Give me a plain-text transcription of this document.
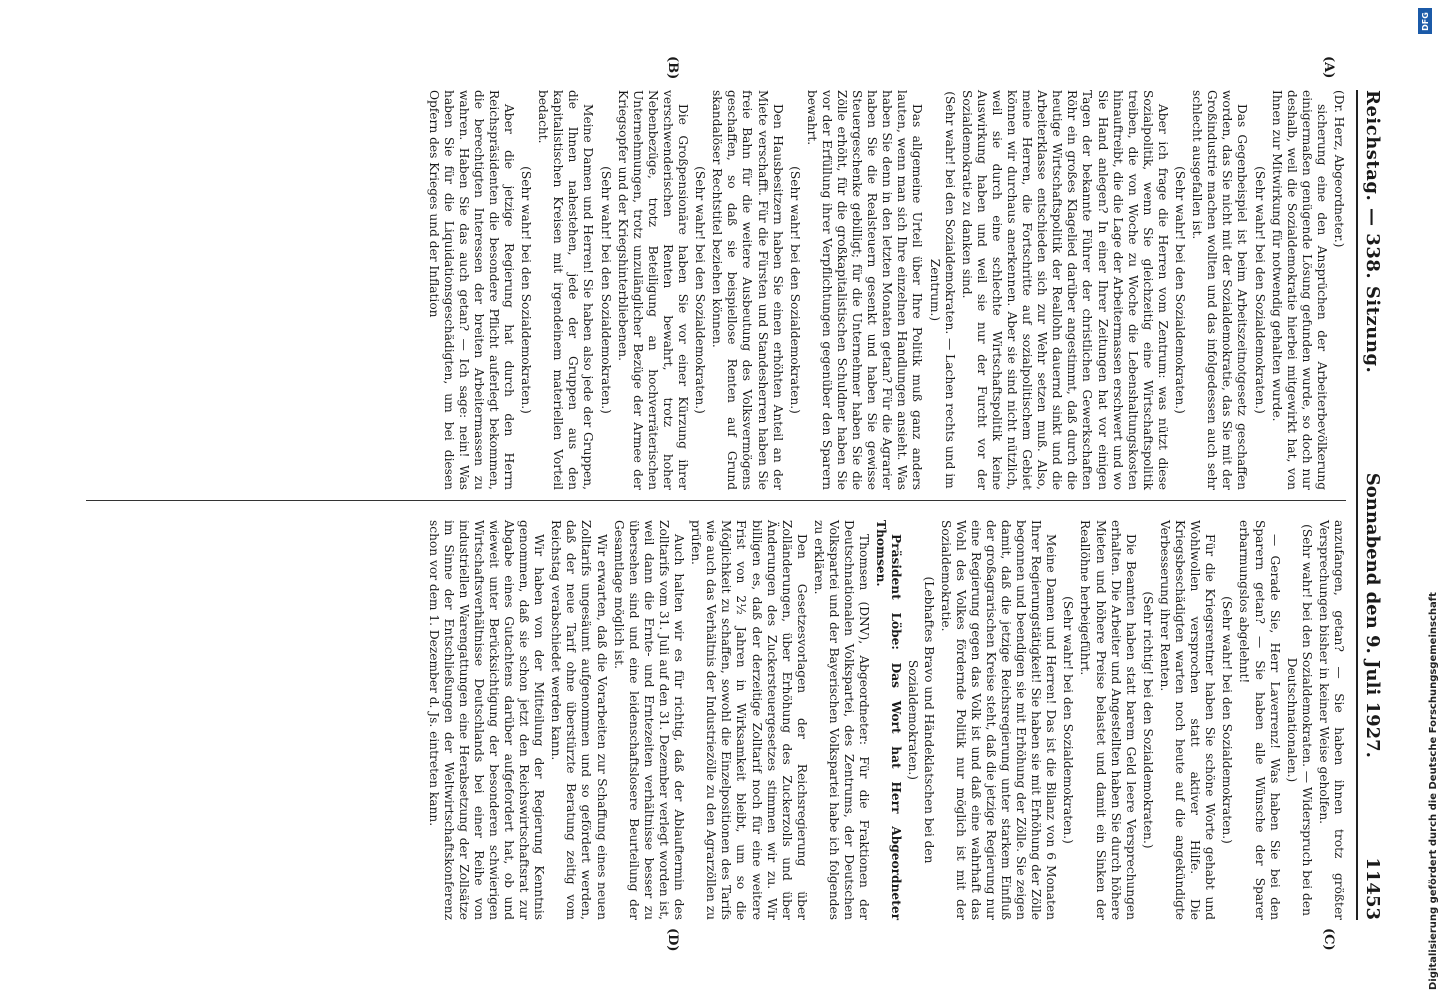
Reichstag. — 338. Sitzung.
Sonnabend den 9. Juli 1927.
11453
(A)
(B)
(C)
(D)

(Dr. Herz, Abgeordneter.)

sicherung eine den Ansprüchen der Arbeiterbevölkerung einigermaßen genügende Lösung gefunden wurde, so doch nur deshalb, weil die Sozialdemokratie hierbei mitgewirkt hat, von Ihnen zur Mitwirkung für notwendig gehalten wurde.

(Sehr wahr! bei den Sozialdemokraten.)

Das Gegenbeispiel ist beim Arbeitszeitnotgesetz geschaffen worden, das Sie nicht mit der Sozialdemokratie, das Sie mit der Großindustrie machen wollten und das infolgedessen auch sehr schlecht ausgefallen ist.

(Sehr wahr! bei den Sozialdemokraten.)

Aber ich frage die Herren vom Zentrum: was nützt diese Sozialpolitik, wenn Sie gleichzeitig eine Wirtschaftspolitik treiben, die von Woche zu Woche die Lebenshaltungskosten hinauftreibt, die die Lage der Arbeitermassen erschwert und wo Sie Hand anlegen? In einer Ihrer Zeitungen hat vor einigen Tagen der bekannte Führer der christlichen Gewerkschaften Röhr ein großes Klagelied darüber angestimmt, daß durch die heutige Wirtschaftspolitik der Reallohn dauernd sinkt und die Arbeiterklasse entschieden sich zur Wehr setzen muß. Also, meine Herren, die Fortschritte auf sozialpolitischem Gebiet können wir durchaus anerkennen. Aber sie sind nicht nützlich, weil sie durch eine schlechte Wirtschaftspolitik keine Auswirkung haben und weil sie nur der Furcht vor der Sozialdemokratie zu danken sind.

(Sehr wahr! bei den Sozialdemokraten. — Lachen rechts und im Zentrum.)

Das allgemeine Urteil über Ihre Politik muß ganz anders lauten, wenn man sich Ihre einzelnen Handlungen ansieht. Was haben Sie denn in den letzten Monaten getan? Für die Agrarier haben Sie die Realsteuern gesenkt und haben Sie gewisse Steuergeschenke gebilligt; für die Unternehmer haben Sie die Zölle erhöht, für die großkapitalistischen Schuldner haben Sie vor der Erfüllung ihrer Verpflichtungen gegenüber den Sparern bewahrt.

(Sehr wahr! bei den Sozialdemokraten.)

Den Hausbesitzern haben Sie einen erhöhten Anteil an der Miete verschafft. Für die Fürsten und Standesherren haben Sie freie Bahn für die weitere Ausbeutung des Volksvermögens geschaffen, so daß sie beispiellose Renten auf Grund skandalöser Rechtstitel beziehen können.

(Sehr wahr! bei den Sozialdemokraten.)

Die Großpensionäre haben Sie vor einer Kürzung ihrer verschwenderischen Renten bewahrt, trotz hoher Nebenbezüge, trotz Beteiligung an hochverräterischen Unternehmungen, trotz unzulänglicher Bezüge der Armee der Kriegsopfer und der Kriegshinterbliebenen.

(Sehr wahr! bei den Sozialdemokraten.)

Meine Damen und Herren! Sie haben also jede der Gruppen, die Ihnen nahestehen, jede der Gruppen aus den kapitalistischen Kreisen mit irgendeinem materiellen Vorteil bedacht.

(Sehr wahr! bei den Sozialdemokraten.)

Aber die jetzige Regierung hat durch den Herrn Reichspräsidenten die besondere Pflicht auferlegt bekommen, die berechtigten Interessen der breiten Arbeitermassen zu wahren. Haben Sie das auch getan? — Ich sage: nein! Was haben Sie für die Liquidationsgeschädigten, um bei diesen Opfern des Krieges und der Inflation

anzufangen, getan? — Sie haben ihnen trotz größter Versprechungen bisher in keiner Weise geholfen.

(Sehr wahr! bei den Sozialdemokraten. — Widerspruch bei den Deutschnationalen.)

— Gerade Sie, Herr Laverrenz! Was haben Sie bei den Sparern getan? — Sie haben alle Wünsche der Sparer erbarmungslos abgelehnt!

(Sehr wahr! bei den Sozialdemokraten.)

Für die Kriegsrentner haben Sie schöne Worte gehabt und Wohlwollen versprochen statt aktiver Hilfe. Die Kriegsbeschädigten warten noch heute auf die angekündigte Verbesserung ihrer Renten.

(Sehr richtig! bei den Sozialdemokraten.)

Die Beamten haben statt barem Geld leere Versprechungen erhalten. Die Arbeiter und Angestellten haben Sie durch höhere Mieten und höhere Preise belastet und damit ein Sinken der Reallöhne herbeigeführt.

(Sehr wahr! bei den Sozialdemokraten.)

Meine Damen und Herren! Das ist die Bilanz von 6 Monaten Ihrer Regierungstätigkeit! Sie haben sie mit Erhöhung der Zölle begonnen und beendigen sie mit Erhöhung der Zölle. Sie zeigen damit, daß die jetzige Reichsregierung unter starkem Einfluß der großagrarischen Kreise steht, daß die jetzige Regierung nur eine Regierung gegen das Volk ist und daß eine wahrhaft das Wohl des Volkes fördernde Politik nur möglich ist mit der Sozialdemokratie.

(Lebhaftes Bravo und Händeklatschen bei den Sozialdemokraten.)

Präsident Löbe: Das Wort hat Herr Abgeordneter Thomsen.

Thomsen (DNV), Abgeordneter: Für die Fraktionen der Deutschnationalen Volkspartei, des Zentrums, der Deutschen Volkspartei und der Bayerischen Volkspartei habe ich folgendes zu erklären.

Den Gesetzesvorlagen der Reichsregierung über Zolländerungen, über Erhöhung des Zuckerzolls und über Änderungen des Zuckersteuergesetzes stimmen wir zu. Wir billigen es, daß der derzeitige Zolltarif noch für eine weitere Frist von 2½ Jahren in Wirksamkeit bleibt, um so die Möglichkeit zu schaffen, sowohl die Einzelpositionen des Tarifs wie auch das Verhältnis der Industriezölle zu den Agrarzöllen zu prüfen.

Auch halten wir es für richtig, daß der Ablauftermin des Zolltarifs vom 31. Juli auf den 31. Dezember verlegt worden ist, weil dann die Ernte- und Erntezeiten verhältnisse besser zu übersehen sind und eine leidenschaftslosere Beurteilung der Gesamtlage möglich ist.

Wir erwarten, daß die Vorarbeiten zur Schaffung eines neuen Zolltarifs ungesäumt aufgenommen und so gefördert werden, daß der neue Tarif ohne überstürzte Beratung zeitig vom Reichstag verabschiedet werden kann.

Wir haben von der Mitteilung der Regierung Kenntnis genommen, daß sie schon jetzt den Reichswirtschaftsrat zur Abgabe eines Gutachtens darüber aufgefordert hat, ob und wieweit unter Berücksichtigung der besonderen schwierigen Wirtschaftsverhältnisse Deutschlands bei einer Reihe von industriellen Warengattungen eine Herabsetzung der Zollsätze im Sinne der Entschließungen der Weltwirtschaftskonferenz schon vor dem 1. Dezember d. Js. eintreten kann.

DFG
Digitalisierung gefördert durch die Deutsche Forschungsgemeinschaft
